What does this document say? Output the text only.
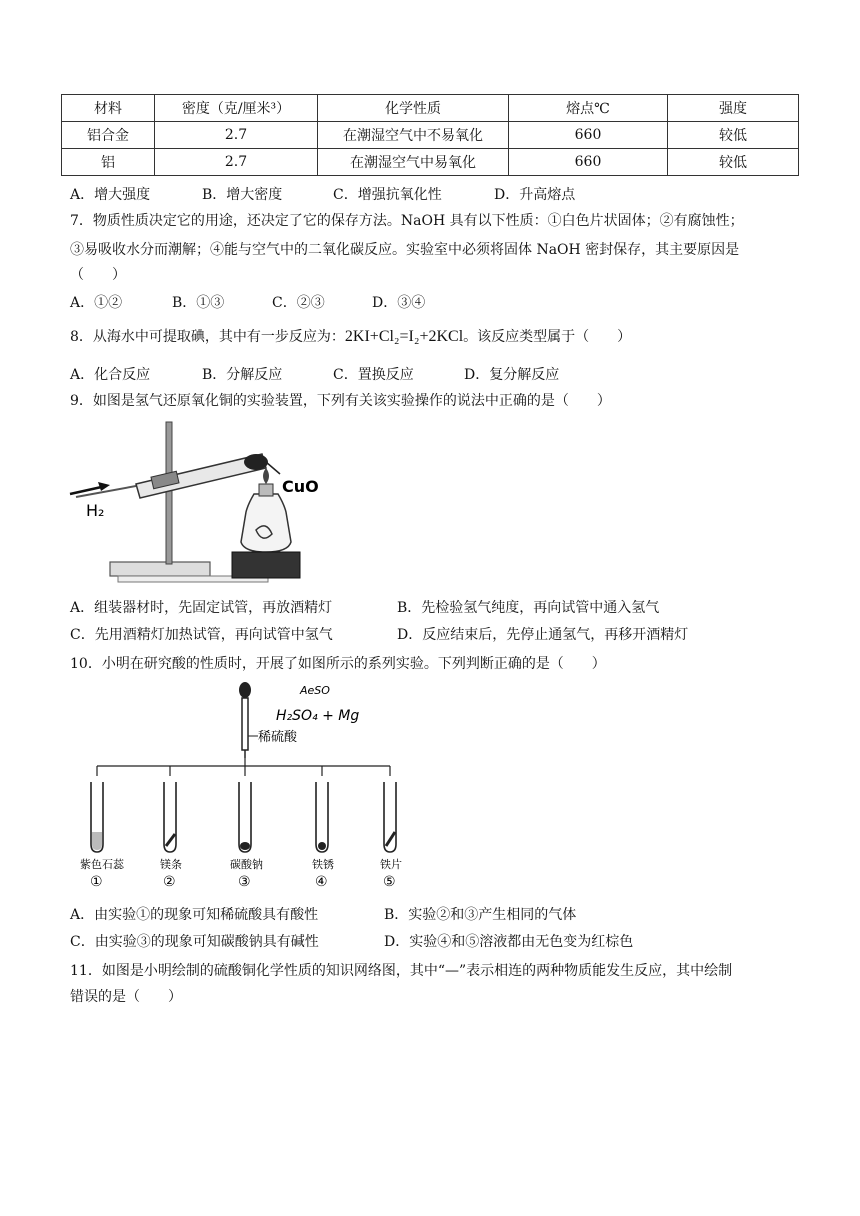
材料	密度（克/厘米³）	化学性质	熔点℃	强度
铝合金	2.7	在潮湿空气中不易氧化	660	较低
铝	2.7	在潮湿空气中易氧化	660	较低
A．增大强度	B．增大密度	C．增强抗氧化性	D．升高熔点
7．物质性质决定它的用途，还决定了它的保存方法。NaOH 具有以下性质：①白色片状固体；②有腐蚀性；
③易吸收水分而潮解；④能与空气中的二氧化碳反应。实验室中必须将固体 NaOH 密封保存，其主要原因是
（　　）
A．①②	B．①③	C．②③	D．③④
8．从海水中可提取碘，其中有一步反应为：2KI+Cl₂=I₂+2KCl。该反应类型属于（　　）
A．化合反应	B．分解反应	C．置换反应	D．复分解反应
9．如图是氢气还原氧化铜的实验装置，下列有关该实验操作的说法中正确的是（　　）
H₂
CuO
A．组装器材时，先固定试管，再放酒精灯	B．先检验氢气纯度，再向试管中通入氢气
C．先用酒精灯加热试管，再向试管中氢气	D．反应结束后，先停止通氢气，再移开酒精灯
10．小明在研究酸的性质时，开展了如图所示的系列实验。下列判断正确的是（　　）
稀硫酸
H₂SO₄ + Mg
AeSO
紫色石蕊	镁条	碳酸钠	铁锈	铁片
①	②	③	④	⑤
A．由实验①的现象可知稀硫酸具有酸性	B．实验②和③产生相同的气体
C．由实验③的现象可知碳酸钠具有碱性	D．实验④和⑤溶液都由无色变为红棕色
11．如图是小明绘制的硫酸铜化学性质的知识网络图，其中“—”表示相连的两种物质能发生反应，其中绘制
错误的是（　　）
